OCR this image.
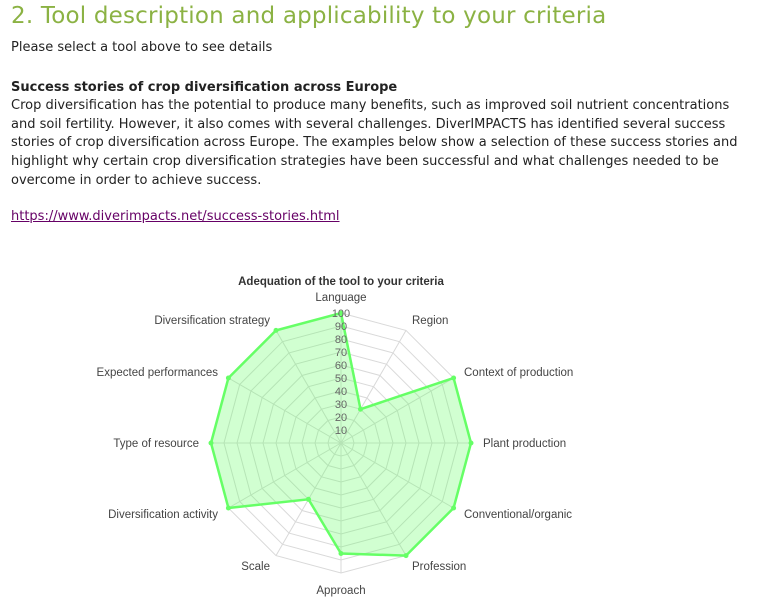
2. Tool description and applicability to your criteria

Please select a tool above to see details

Success stories of crop diversification across Europe

Crop diversification has the potential to produce many benefits, such as improved soil nutrient concentrations and soil fertility. However, it also comes with several challenges. DiverIMPACTS has identified several success stories of crop diversification across Europe. The examples below show a selection of these success stories and highlight why certain crop diversification strategies have been successful and what challenges needed to be overcome in order to achieve success.

https://www.diverimpacts.net/success-stories.html
Adequation of the tool to your criteria
10
20
30
40
50
60
70
80
90
100
Language
Region
Context of production
Plant production
Conventional/organic
Profession
Approach
Scale
Diversification activity
Type of resource
Expected performances
Diversification strategy
